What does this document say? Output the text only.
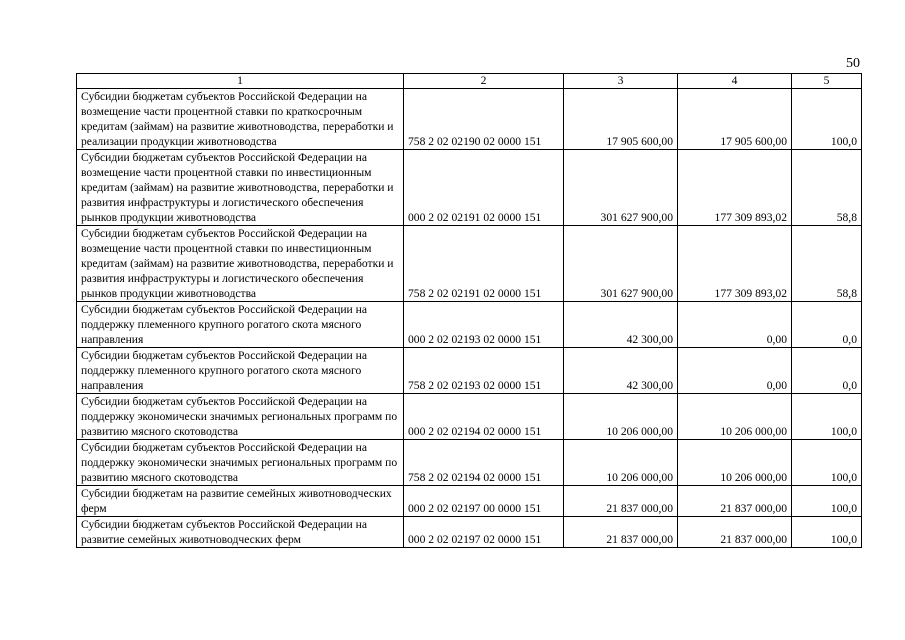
50
1	2	3	4	5
Субсидии бюджетам субъектов Российской Федерации на возмещение части процентной ставки по краткосрочным кредитам (займам) на развитие животноводства, переработки и реализации продукции животноводства	758 2 02 02190 02 0000 151	17 905 600,00	17 905 600,00	100,0
Субсидии бюджетам субъектов Российской Федерации на возмещение части процентной ставки по инвестиционным кредитам (займам) на развитие животноводства, переработки и развития инфраструктуры и логистического обеспечения рынков продукции животноводства	000 2 02 02191 02 0000 151	301 627 900,00	177 309 893,02	58,8
Субсидии бюджетам субъектов Российской Федерации на возмещение части процентной ставки по инвестиционным кредитам (займам) на развитие животноводства, переработки и развития инфраструктуры и логистического обеспечения рынков продукции животноводства	758 2 02 02191 02 0000 151	301 627 900,00	177 309 893,02	58,8
Субсидии бюджетам субъектов Российской Федерации на поддержку племенного крупного рогатого скота мясного направления	000 2 02 02193 02 0000 151	42 300,00	0,00	0,0
Субсидии бюджетам субъектов Российской Федерации на поддержку племенного крупного рогатого скота мясного направления	758 2 02 02193 02 0000 151	42 300,00	0,00	0,0
Субсидии бюджетам субъектов Российской Федерации на поддержку экономически значимых региональных программ по развитию мясного скотоводства	000 2 02 02194 02 0000 151	10 206 000,00	10 206 000,00	100,0
Субсидии бюджетам субъектов Российской Федерации на поддержку экономически значимых региональных программ по развитию мясного скотоводства	758 2 02 02194 02 0000 151	10 206 000,00	10 206 000,00	100,0
Субсидии бюджетам на развитие семейных животноводческих ферм	000 2 02 02197 00 0000 151	21 837 000,00	21 837 000,00	100,0
Субсидии бюджетам субъектов Российской Федерации на развитие семейных животноводческих ферм	000 2 02 02197 02 0000 151	21 837 000,00	21 837 000,00	100,0
